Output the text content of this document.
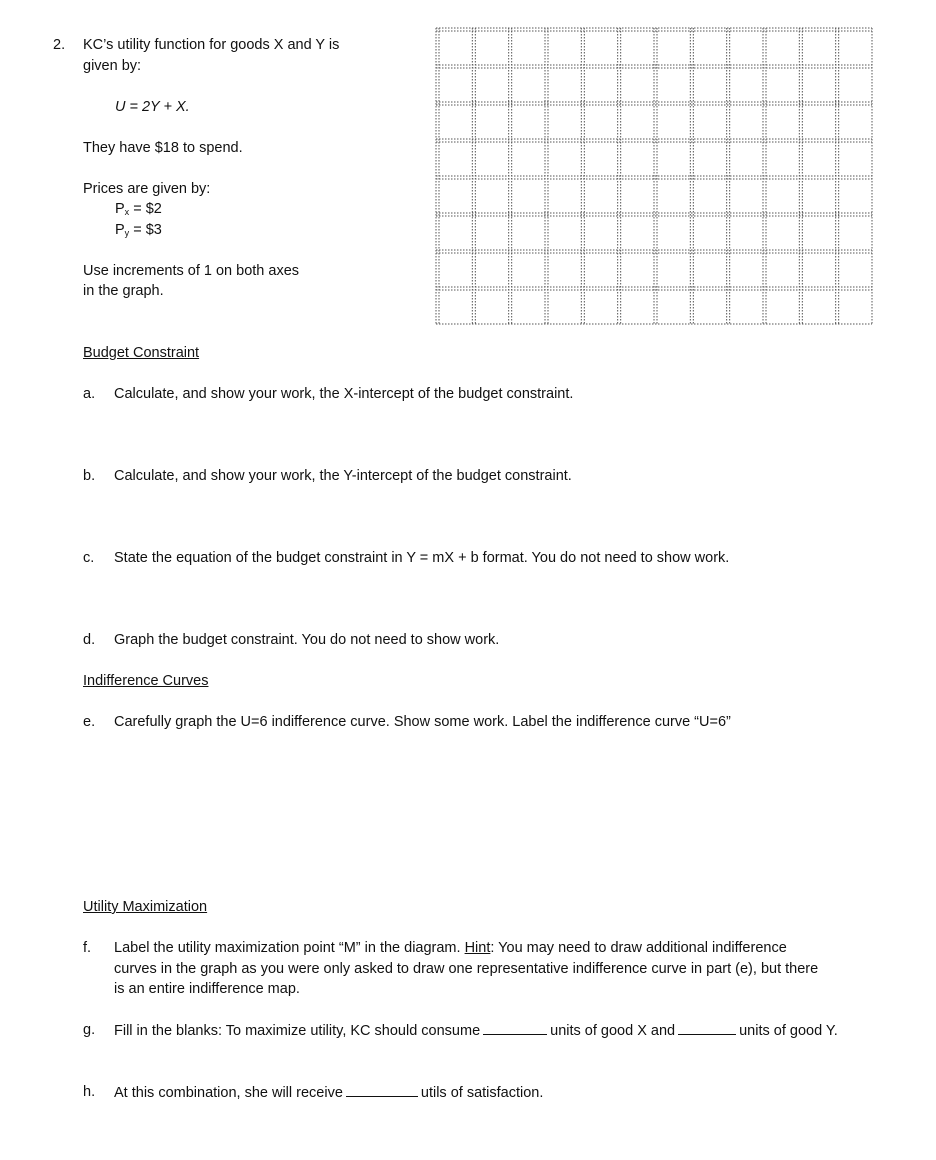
2. KC’s utility function for goods X and Y is
given by:
U = 2Y + X.
They have $18 to spend.
Prices are given by:
$P_x$ = $2
$P_y$ = $3
Use increments of 1 on both axes
in the graph.
Budget Constraint
a. Calculate, and show your work, the X-intercept of the budget constraint.
b. Calculate, and show your work, the Y-intercept of the budget constraint.
c. State the equation of the budget constraint in Y = mX + b format. You do not need to show work.
d. Graph the budget constraint. You do not need to show work.
Indifference Curves
e. Carefully graph the U=6 indifference curve. Show some work. Label the indifference curve “U=6”
Utility Maximization
f. Label the utility maximization point “M” in the diagram. Hint: You may need to draw additional indifference
curves in the graph as you were only asked to draw one representative indifference curve in part (e), but there
is an entire indifference map.
g. Fill in the blanks: To maximize utility, KC should consume	units of good X and	units of good Y.
h. At this combination, she will receive	utils of satisfaction.
